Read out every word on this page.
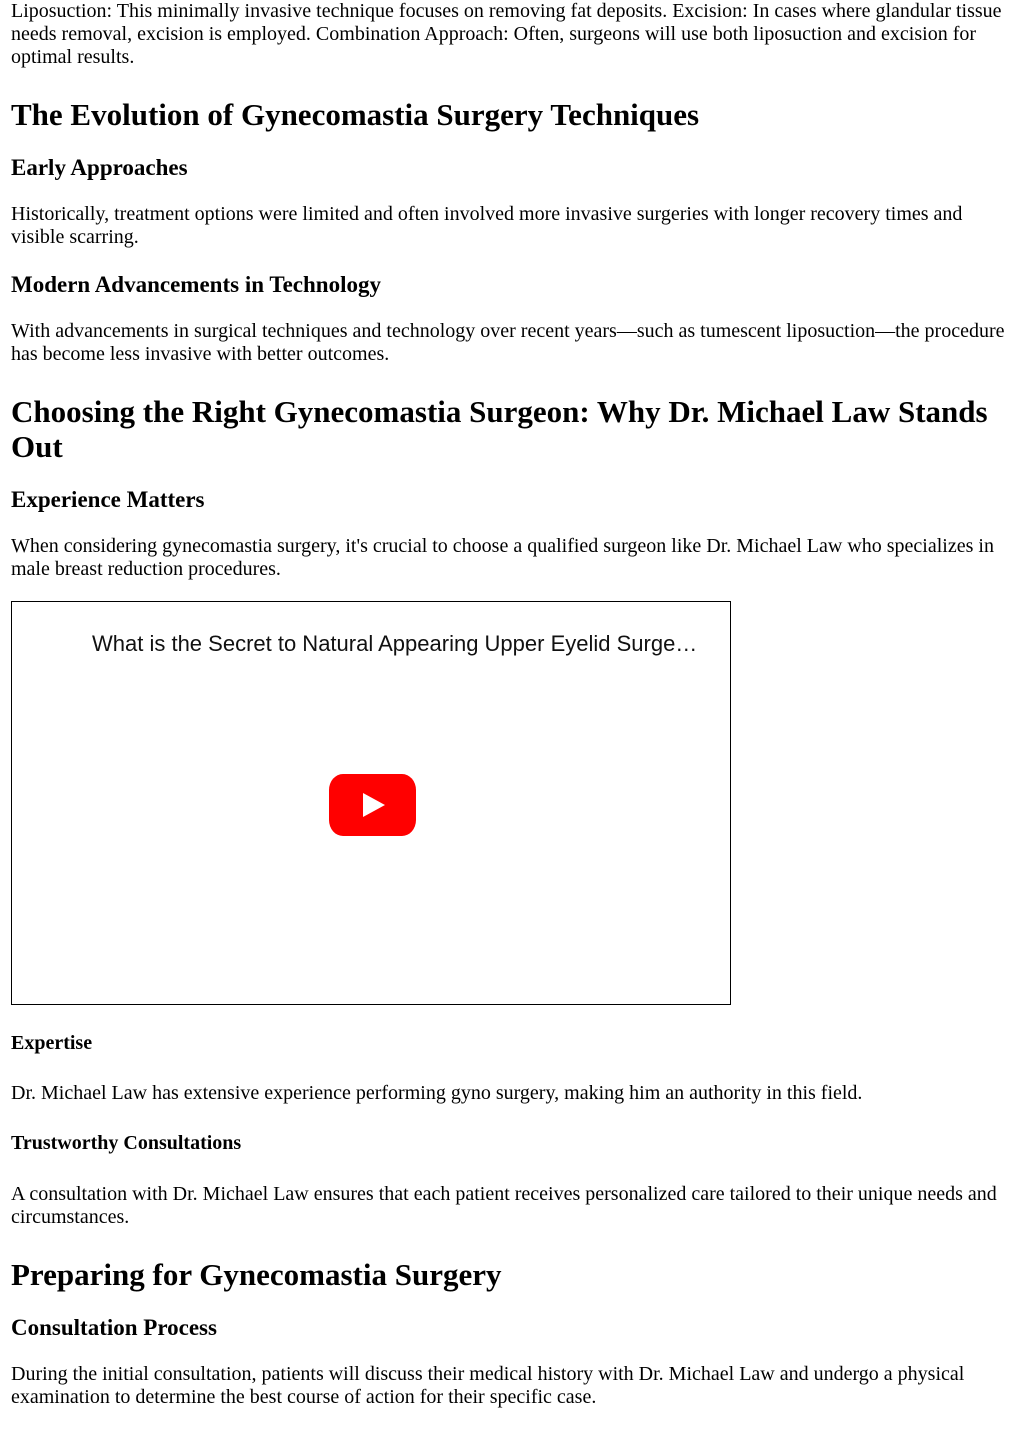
Liposuction: This minimally invasive technique focuses on removing fat deposits. Excision: In cases where glandular tissue needs removal, excision is employed. Combination Approach: Often, surgeons will use both liposuction and excision for optimal results.

The Evolution of Gynecomastia Surgery Techniques
Early Approaches

Historically, treatment options were limited and often involved more invasive surgeries with longer recovery times and visible scarring.

Modern Advancements in Technology

With advancements in surgical techniques and technology over recent years—such as tumescent liposuction—the procedure has become less invasive with better outcomes.

Choosing the Right Gynecomastia Surgeon: Why Dr. Michael Law Stands Out
Experience Matters

When considering gynecomastia surgery, it's crucial to choose a qualified surgeon like Dr. Michael Law who specializes in male breast reduction procedures.

What is the Secret to Natural Appearing Upper Eyelid Surge…
Expertise

Dr. Michael Law has extensive experience performing gyno surgery, making him an authority in this field.

Trustworthy Consultations

A consultation with Dr. Michael Law ensures that each patient receives personalized care tailored to their unique needs and circumstances.

Preparing for Gynecomastia Surgery
Consultation Process

During the initial consultation, patients will discuss their medical history with Dr. Michael Law and undergo a physical examination to determine the best course of action for their specific case.
